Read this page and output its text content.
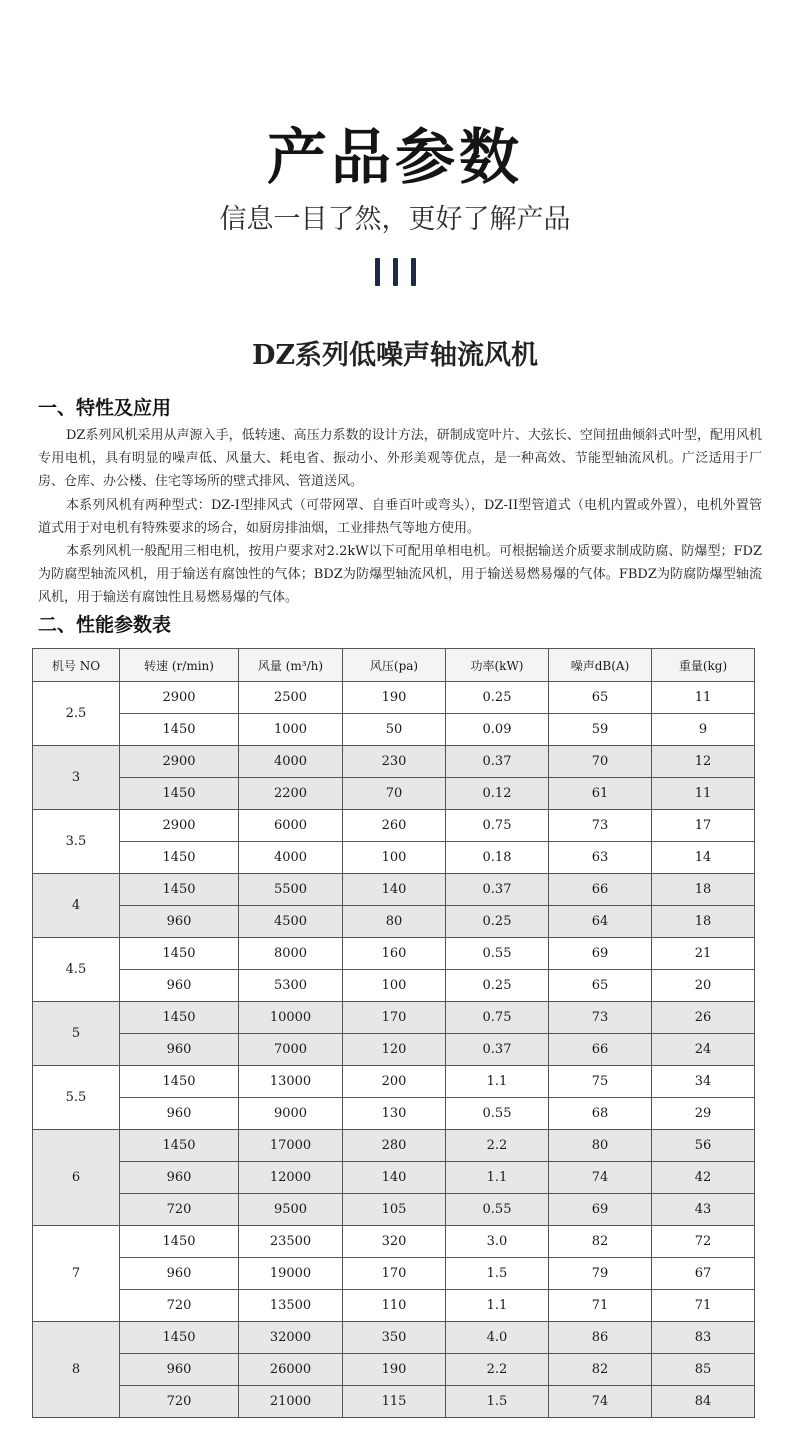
产品参数
信息一目了然，更好了解产品
DZ系列低噪声轴流风机
一、特性及应用

DZ系列风机采用从声源入手，低转速、高压力系数的设计方法，研制成宽叶片、大弦长、空间扭曲倾斜式叶型，配用风机专用电机，具有明显的噪声低、风量大、耗电省、振动小、外形美观等优点，是一种高效、节能型轴流风机。广泛适用于厂房、仓库、办公楼、住宅等场所的壁式排风、管道送风。

本系列风机有两种型式：DZ-I型排风式（可带网罩、自垂百叶或弯头），DZ-II型管道式（电机内置或外置），电机外置管道式用于对电机有特殊要求的场合，如厨房排油烟，工业排热气等地方使用。

本系列风机一般配用三相电机，按用户要求对2.2kW以下可配用单相电机。可根据输送介质要求制成防腐、防爆型；FDZ为防腐型轴流风机，用于输送有腐蚀性的气体；BDZ为防爆型轴流风机，用于输送易燃易爆的气体。FBDZ为防腐防爆型轴流风机，用于输送有腐蚀性且易燃易爆的气体。

二、性能参数表
机号 NO	转速 (r/min)	风量 (m³/h)	风压(pa)	功率(kW)	噪声dB(A)	重量(kg)
2.5	2900	2500	190	0.25	65	11
	1450	1000	50	0.09	59	9
3	2900	4000	230	0.37	70	12
	1450	2200	70	0.12	61	11
3.5	2900	6000	260	0.75	73	17
	1450	4000	100	0.18	63	14
4	1450	5500	140	0.37	66	18
	960	4500	80	0.25	64	18
4.5	1450	8000	160	0.55	69	21
	960	5300	100	0.25	65	20
5	1450	10000	170	0.75	73	26
	960	7000	120	0.37	66	24
5.5	1450	13000	200	1.1	75	34
	960	9000	130	0.55	68	29
6	1450	17000	280	2.2	80	56
	960	12000	140	1.1	74	42
	720	9500	105	0.55	69	43
7	1450	23500	320	3.0	82	72
	960	19000	170	1.5	79	67
	720	13500	110	1.1	71	71
8	1450	32000	350	4.0	86	83
	960	26000	190	2.2	82	85
	720	21000	115	1.5	74	84
